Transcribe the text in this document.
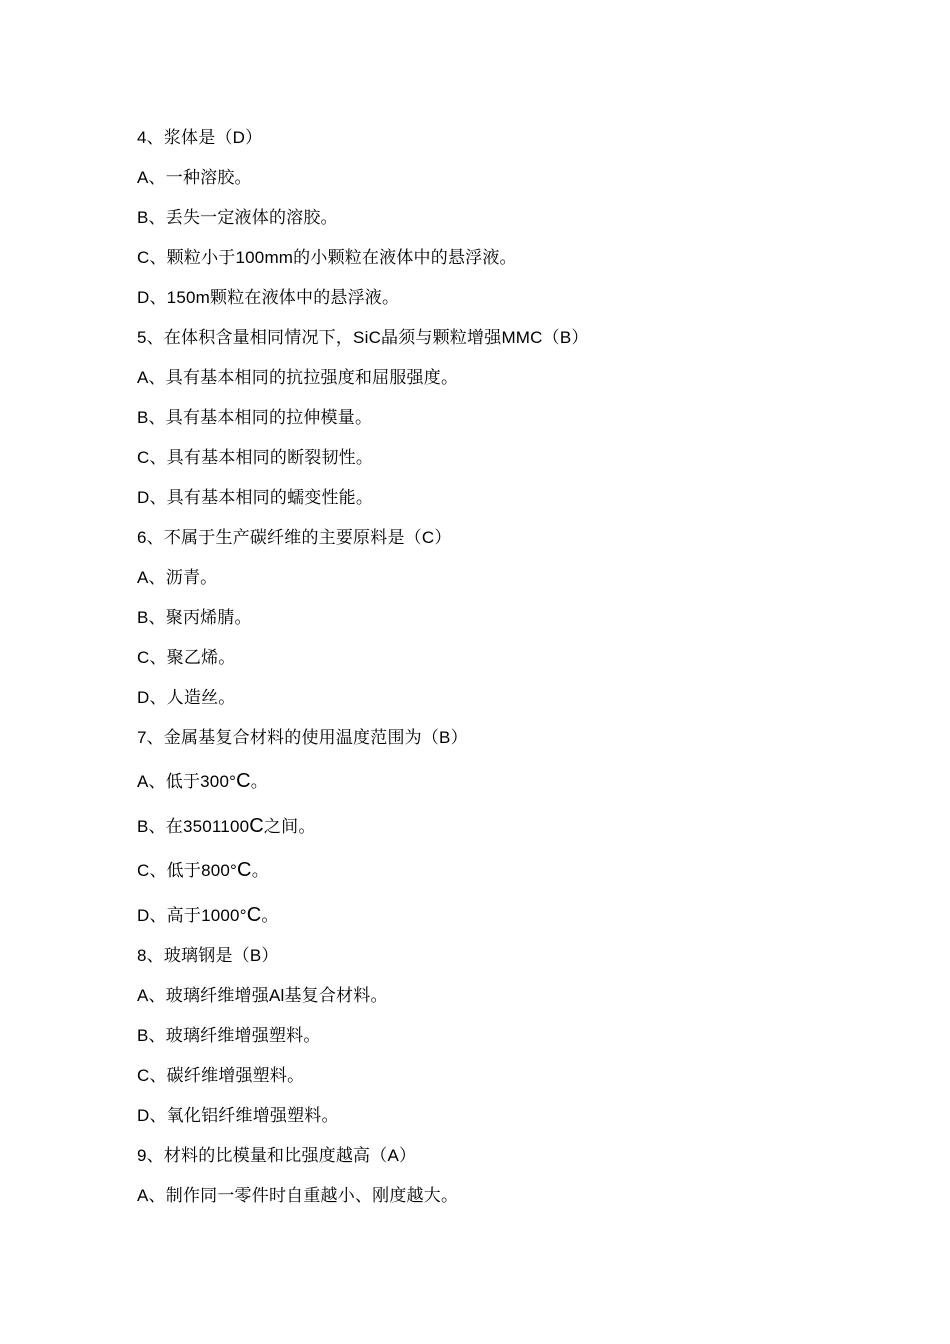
4、浆体是（D）
A、一种溶胶。
B、丢失一定液体的溶胶。
C、颗粒小于100mm的小颗粒在液体中的悬浮液。
D、150m颗粒在液体中的悬浮液。
5、在体积含量相同情况下，SiC晶须与颗粒增强MMC（B）
A、具有基本相同的抗拉强度和屈服强度。
B、具有基本相同的拉伸模量。
C、具有基本相同的断裂韧性。
D、具有基本相同的蠕变性能。
6、不属于生产碳纤维的主要原料是（C）
A、沥青。
B、聚丙烯腈。
C、聚乙烯。
D、人造丝。
7、金属基复合材料的使用温度范围为（B）
A、低于300°C。
B、在3501100C之间。
C、低于800°C。
D、高于1000°C。
8、玻璃钢是（B）
A、玻璃纤维增强Al基复合材料。
B、玻璃纤维增强塑料。
C、碳纤维增强塑料。
D、氧化铝纤维增强塑料。
9、材料的比模量和比强度越高（A）
A、制作同一零件时自重越小、刚度越大。
